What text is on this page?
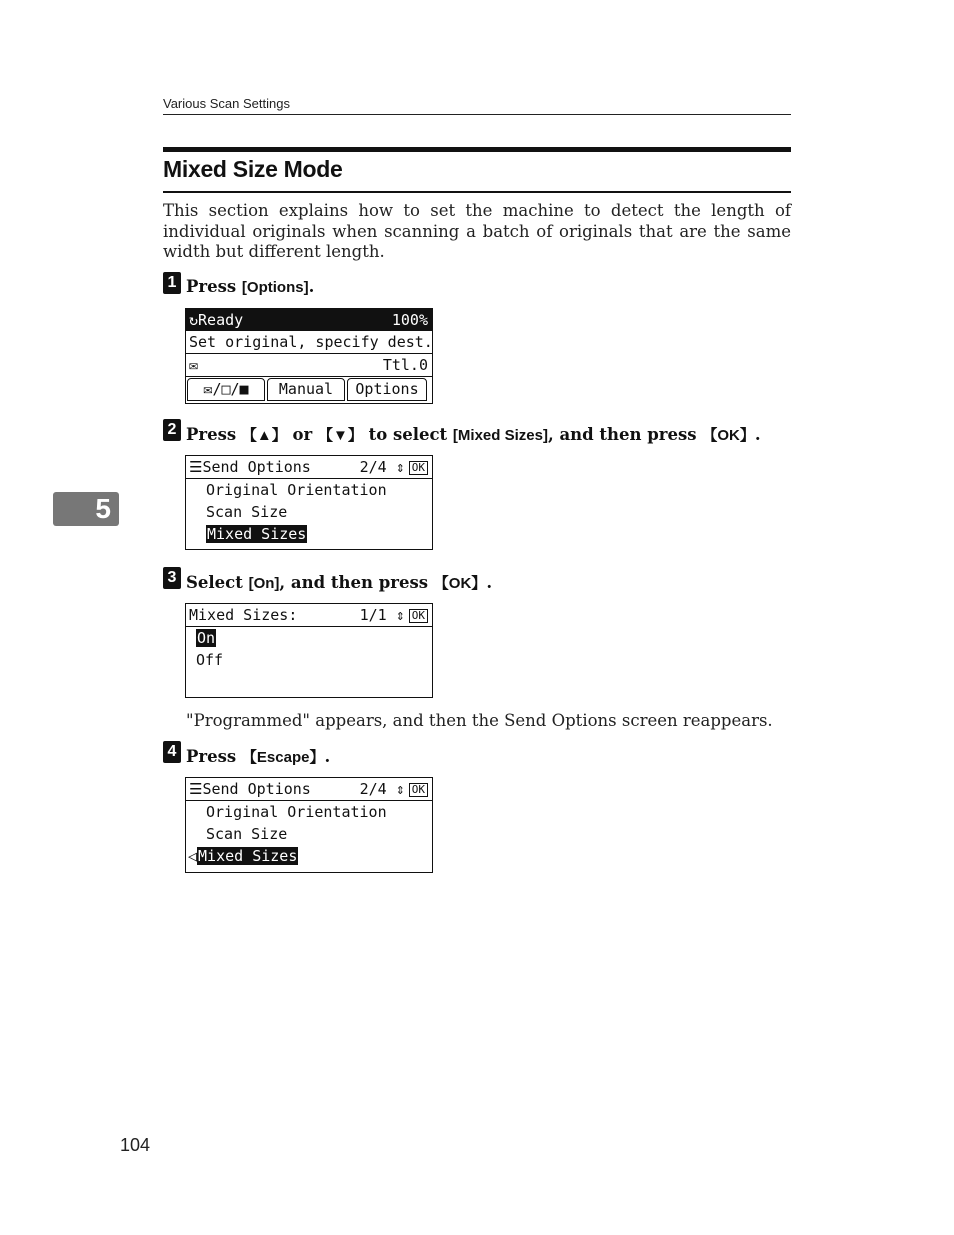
Various Scan Settings
Mixed Size Mode
This section explains how to set the machine to detect the length of individual originals when scanning a batch of originals that are the same width but different length.
5
1 Press [Options].
↻Ready	100%
Set original, specify dest.
✉	Ttl.0
✉/□/■	Manual	Options
2 Press 【▲】 or 【▼】 to select [Mixed Sizes], and then press 【OK】.
☰Send Options	2/4 ⇕ OK
Original Orientation
Scan Size
Mixed Sizes
3 Select [On], and then press 【OK】.
Mixed Sizes:	1/1 ⇕ OK
On
Off
"Programmed" appears, and then the Send Options screen reappears.
4 Press 【Escape】.
☰Send Options	2/4 ⇕ OK
Original Orientation
Scan Size
◁Mixed Sizes
104
